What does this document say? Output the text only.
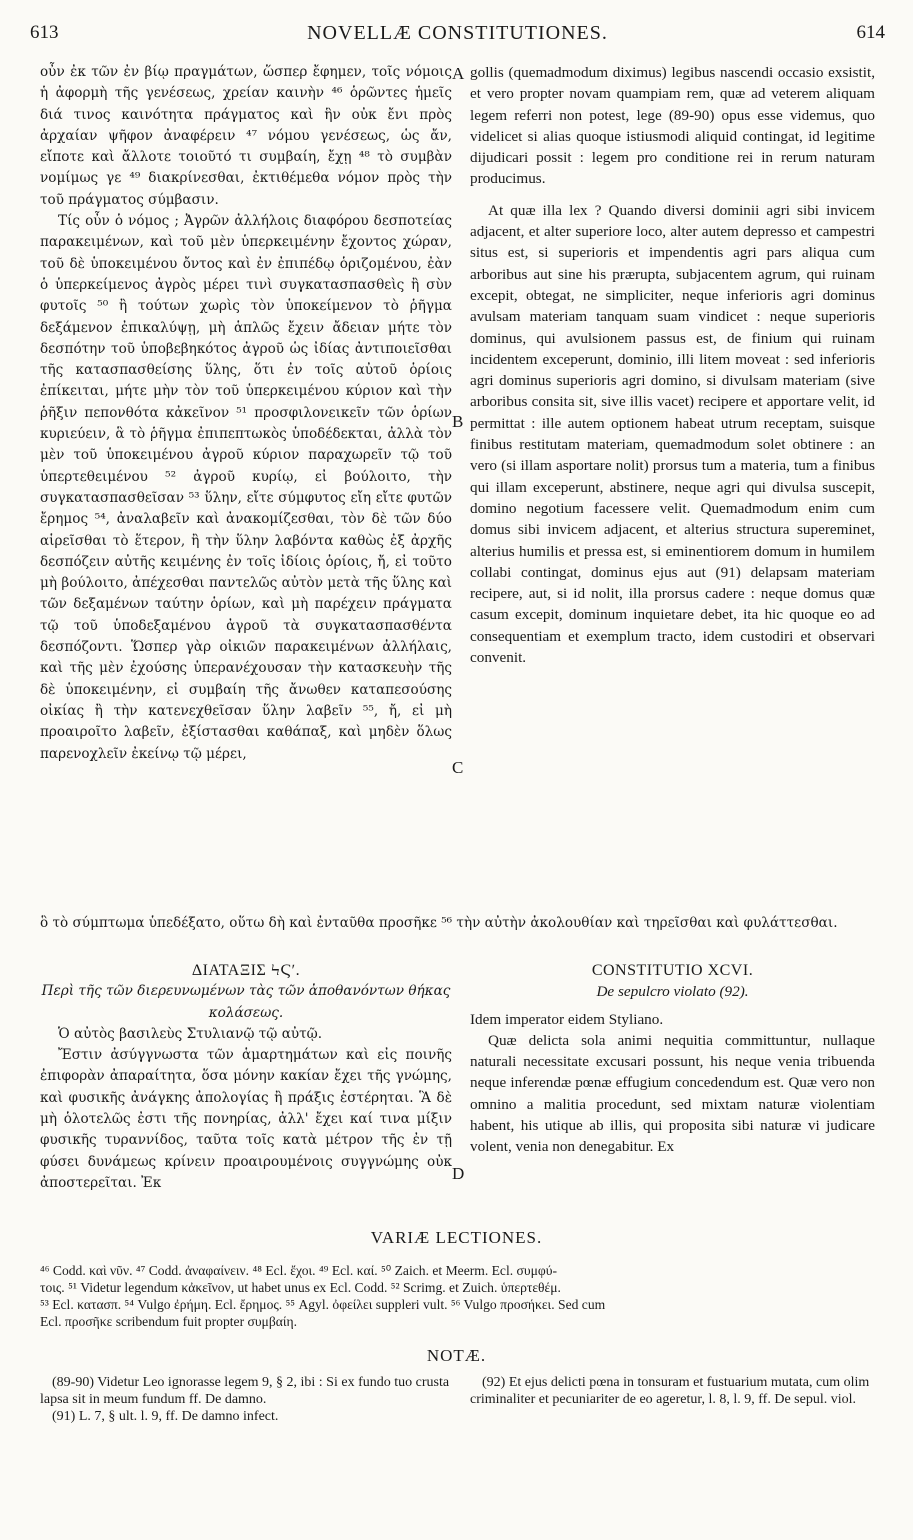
613	NOVELLÆ CONSTITUTIONES.	614

οὖν ἐκ τῶν ἐν βίῳ πραγμάτων, ὥσπερ ἔφημεν, τοῖς νόμοις ἡ ἀφορμὴ τῆς γενέσεως, χρείαν καινὴν ⁴⁶ ὁρῶντες ἡμεῖς διά τινος καινότητα πράγματος καὶ ἣν οὐκ ἔνι πρὸς ἀρχαίαν ψῆφον ἀναφέρειν ⁴⁷ νόμου γενέσεως, ὡς ἄν, εἴποτε καὶ ἄλλοτε τοιοῦτό τι συμβαίη, ἔχῃ ⁴⁸ τὸ συμβὰν νομίμως γε ⁴⁹ διακρίνεσθαι, ἐκτιθέμεθα νόμον πρὸς τὴν τοῦ πράγματος σύμβασιν.

Τίς οὖν ὁ νόμος ; Ἀγρῶν ἀλλήλοις διαφόρου δεσποτείας παρακειμένων, καὶ τοῦ μὲν ὑπερκειμένην ἔχοντος χώραν, τοῦ δὲ ὑποκειμένου ὄντος καὶ ἐν ἐπιπέδῳ ὁριζομένου, ἐὰν ὁ ὑπερκείμενος ἀγρὸς μέρει τινὶ συγκατασπασθεὶς ἢ σὺν φυτοῖς ⁵⁰ ἢ τούτων χωρὶς τὸν ὑποκείμενον τὸ ῥῆγμα δεξάμενον ἐπικαλύψῃ, μὴ ἁπλῶς ἔχειν ἄδειαν μήτε τὸν δεσπότην τοῦ ὑποβεβηκότος ἀγροῦ ὡς ἰδίας ἀντιποιεῖσθαι τῆς κατασπασθείσης ὕλης, ὅτι ἐν τοῖς αὐτοῦ ὁρίοις ἐπίκειται, μήτε μὴν τὸν τοῦ ὑπερκειμένου κύριον καὶ τὴν ῥῆξιν πεπονθότα κἀκεῖνον ⁵¹ προσφιλονεικεῖν τῶν ὁρίων κυριεύειν, ἃ τὸ ῥῆγμα ἐπιπεπτωκὸς ὑποδέδεκται, ἀλλὰ τὸν μὲν τοῦ ὑποκειμένου ἀγροῦ κύριον παραχωρεῖν τῷ τοῦ ὑπερτεθειμένου ⁵² ἀγροῦ κυρίῳ, εἰ βούλοιτο, τὴν συγκατασπασθεῖσαν ⁵³ ὕλην, εἴτε σύμφυτος εἴη εἴτε φυτῶν ἔρημος ⁵⁴, ἀναλαβεῖν καὶ ἀνακομίζεσθαι, τὸν δὲ τῶν δύο αἱρεῖσθαι τὸ ἕτερον, ἢ τὴν ὕλην λαβόντα καθὼς ἐξ ἀρχῆς δεσπόζειν αὐτῆς κειμένης ἐν τοῖς ἰδίοις ὁρίοις, ἤ, εἰ τοῦτο μὴ βούλοιτο, ἀπέχεσθαι παντελῶς αὐτὸν μετὰ τῆς ὕλης καὶ τῶν δεξαμένων ταύτην ὁρίων, καὶ μὴ παρέχειν πράγματα τῷ τοῦ ὑποδεξαμένου ἀγροῦ τὰ συγκατασπασθέντα δεσπόζοντι. Ὥσπερ γὰρ οἰκιῶν παρακειμένων ἀλλήλαις, καὶ τῆς μὲν ἐχούσης ὑπερανέχουσαν τὴν κατασκευὴν τῆς δὲ ὑποκειμένην, εἰ συμβαίη τῆς ἄνωθεν καταπεσούσης οἰκίας ἢ τὴν κατενεχθεῖσαν ὕλην λαβεῖν ⁵⁵, ἤ, εἰ μὴ προαιροῖτο λαβεῖν, ἐξίστασθαι καθάπαξ, καὶ μηδὲν ὅλως παρενοχλεῖν ἐκείνῳ τῷ μέρει,

gollis (quemadmodum diximus) legibus nascendi occasio exsistit, et vero propter novam quampiam rem, quæ ad veterem aliquam legem referri non potest, lege (89-90) opus esse videmus, quo videlicet si alias quoque istiusmodi aliquid contingat, id legitime dijudicari possit : legem pro conditione rei in rerum naturam producimus.

At quæ illa lex ? Quando diversi dominii agri sibi invicem adjacent, et alter superiore loco, alter autem depresso et campestri situs est, si superioris et impendentis agri pars aliqua cum arboribus aut sine his prærupta, subjacentem agrum, qui ruinam excepit, obtegat, ne simpliciter, neque inferioris agri dominus avulsam materiam tanquam suam vindicet : neque superioris dominus, qui avulsionem passus est, de finium qui ruinam incidentem exceperunt, dominio, illi litem moveat : sed inferioris agri dominus superioris agri domino, si divulsam materiam (sive arboribus consita sit, sive illis vacet) recipere et apportare velit, id permittat : ille autem optionem habeat utrum receptam, suisque finibus restitutam materiam, quemadmodum solet obtinere : an vero (si illam asportare nolit) prorsus tum a materia, tum a finibus qui illam exceperunt, abstinere, neque agri qui divulsa suscepit, domino negotium facessere velit. Quemadmodum enim cum domus sibi invicem adjacent, et alterius structura supereminet, alterius humilis et pressa est, si eminentiorem domum in humilem collabi contingat, dominus ejus aut (91) delapsam materiam recipere, aut, si id nolit, illa prorsus cadere : neque domus quæ casum excepit, dominum inquietare debet, ita hic quoque eo ad consequentiam et exemplum tracto, idem custodiri et observari convenit.

A
B
C
D
ὃ τὸ σύμπτωμα ὑπεδέξατο, οὕτω δὴ καὶ ἐνταῦθα προσῆκε ⁵⁶ τὴν αὐτὴν ἀκολουθίαν καὶ τηρεῖσθαι καὶ φυλάττεσθαι.

ΔΙΑΤΑΞΙΣ ϞϚʹ.

Περὶ τῆς τῶν διερευνωμένων τὰς τῶν ἀποθανόντων θήκας κολάσεως.

Ὁ αὐτὸς βασιλεὺς Στυλιανῷ τῷ αὐτῷ.

Ἔστιν ἀσύγγνωστα τῶν ἁμαρτημάτων καὶ εἰς ποινῆς ἐπιφορὰν ἀπαραίτητα, ὅσα μόνην κακίαν ἔχει τῆς γνώμης, καὶ φυσικῆς ἀνάγκης ἀπολογίας ἢ πράξις ἐστέρηται. Ἃ δὲ μὴ ὁλοτελῶς ἐστι τῆς πονηρίας, ἀλλ' ἔχει καί τινα μίξιν φυσικῆς τυραννίδος, ταῦτα τοῖς κατὰ μέτρον τῆς ἐν τῇ φύσει δυνάμεως κρίνειν προαιρουμένοις συγγνώμης οὐκ ἀποστερεῖται. Ἐκ

CONSTITUTIO XCVI.

De sepulcro violato (92).

Idem imperator eidem Styliano.

Quæ delicta sola animi nequitia committuntur, nullaque naturali necessitate excusari possunt, his neque venia tribuenda neque inferendæ pœnæ effugium concedendum est. Quæ vero non omnino a malitia procedunt, sed mixtam naturæ violentiam habent, his utique ab illis, qui proposita sibi naturæ vi judicare volent, venia non denegabitur. Ex

VARIÆ LECTIONES.
⁴⁶ Codd. καὶ νῦν. ⁴⁷ Codd. ἀναφαίνειν. ⁴⁸ Ecl. ἔχοι. ⁴⁹ Ecl. καί. ⁵⁰ Zaich. et Meerm. Ecl. συμφύ-
τοις. ⁵¹ Videtur legendum κἀκεῖνον, ut habet unus ex Ecl. Codd. ⁵² Scrimg. et Zuich. ὑπερτεθέμ.
⁵³ Ecl. κατασπ. ⁵⁴ Vulgo ἐρήμη. Ecl. ἔρημος. ⁵⁵ Agyl. ὀφείλει suppleri vult. ⁵⁶ Vulgo προσήκει. Sed cum
Ecl. προσῆκε scribendum fuit propter συμβαίη.
NOTÆ.
(89-90) Videtur Leo ignorasse legem 9, § 2, ibi : Si ex fundo tuo crusta lapsa sit in meum fundum ff. De damno.
(91) L. 7, § ult. l. 9, ff. De damno infect.
(92) Et ejus delicti pœna in tonsuram et fustuarium mutata, cum olim criminaliter et pecuniariter de eo ageretur, l. 8, l. 9, ff. De sepul. viol.
